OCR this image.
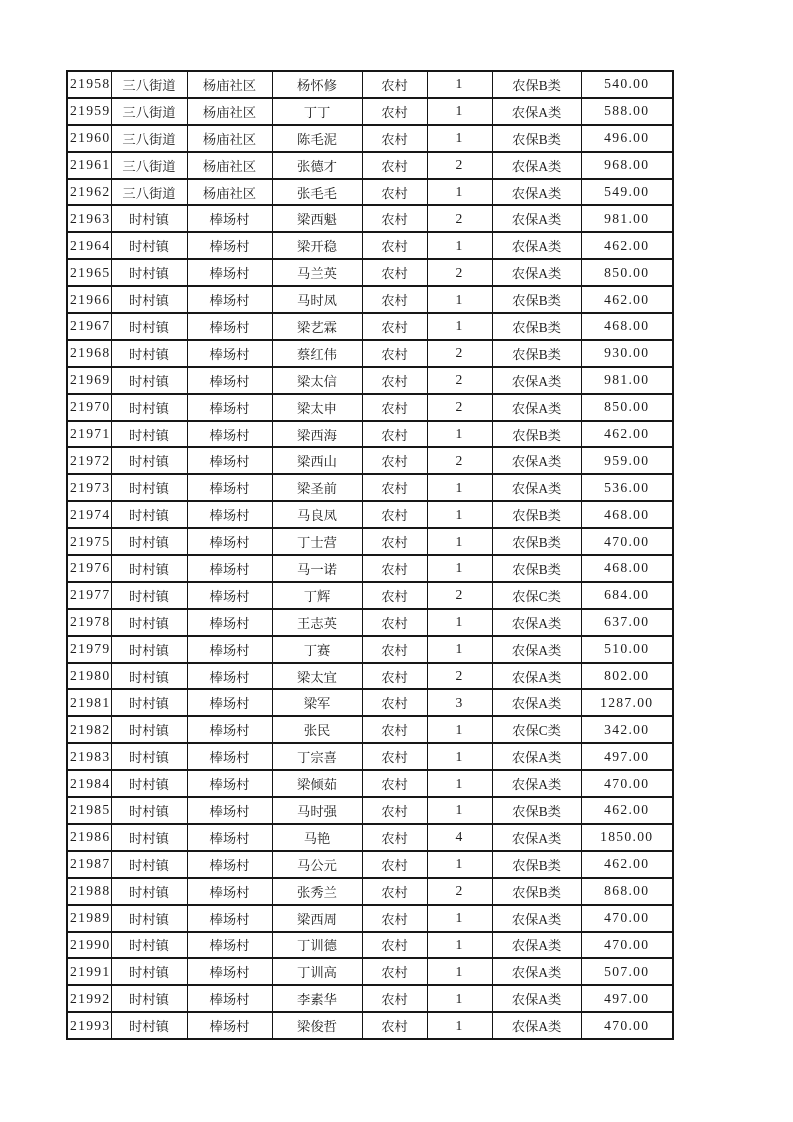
21958	三八街道	杨庙社区	杨怀修	农村	1	农保B类	540.00
21959	三八街道	杨庙社区	丁丁	农村	1	农保A类	588.00
21960	三八街道	杨庙社区	陈毛泥	农村	1	农保B类	496.00
21961	三八街道	杨庙社区	张德才	农村	2	农保A类	968.00
21962	三八街道	杨庙社区	张毛毛	农村	1	农保A类	549.00
21963	时村镇	棒场村	梁西魁	农村	2	农保A类	981.00
21964	时村镇	棒场村	梁开稳	农村	1	农保A类	462.00
21965	时村镇	棒场村	马兰英	农村	2	农保A类	850.00
21966	时村镇	棒场村	马时凤	农村	1	农保B类	462.00
21967	时村镇	棒场村	梁艺霖	农村	1	农保B类	468.00
21968	时村镇	棒场村	蔡红伟	农村	2	农保B类	930.00
21969	时村镇	棒场村	梁太信	农村	2	农保A类	981.00
21970	时村镇	棒场村	梁太申	农村	2	农保A类	850.00
21971	时村镇	棒场村	梁西海	农村	1	农保B类	462.00
21972	时村镇	棒场村	梁西山	农村	2	农保A类	959.00
21973	时村镇	棒场村	梁圣前	农村	1	农保A类	536.00
21974	时村镇	棒场村	马良凤	农村	1	农保B类	468.00
21975	时村镇	棒场村	丁士营	农村	1	农保B类	470.00
21976	时村镇	棒场村	马一诺	农村	1	农保B类	468.00
21977	时村镇	棒场村	丁辉	农村	2	农保C类	684.00
21978	时村镇	棒场村	王志英	农村	1	农保A类	637.00
21979	时村镇	棒场村	丁赛	农村	1	农保A类	510.00
21980	时村镇	棒场村	梁太宜	农村	2	农保A类	802.00
21981	时村镇	棒场村	梁军	农村	3	农保A类	1287.00
21982	时村镇	棒场村	张民	农村	1	农保C类	342.00
21983	时村镇	棒场村	丁宗喜	农村	1	农保A类	497.00
21984	时村镇	棒场村	梁倾茹	农村	1	农保A类	470.00
21985	时村镇	棒场村	马时强	农村	1	农保B类	462.00
21986	时村镇	棒场村	马艳	农村	4	农保A类	1850.00
21987	时村镇	棒场村	马公元	农村	1	农保B类	462.00
21988	时村镇	棒场村	张秀兰	农村	2	农保B类	868.00
21989	时村镇	棒场村	梁西周	农村	1	农保A类	470.00
21990	时村镇	棒场村	丁训德	农村	1	农保A类	470.00
21991	时村镇	棒场村	丁训高	农村	1	农保A类	507.00
21992	时村镇	棒场村	李素华	农村	1	农保A类	497.00
21993	时村镇	棒场村	梁俊哲	农村	1	农保A类	470.00
